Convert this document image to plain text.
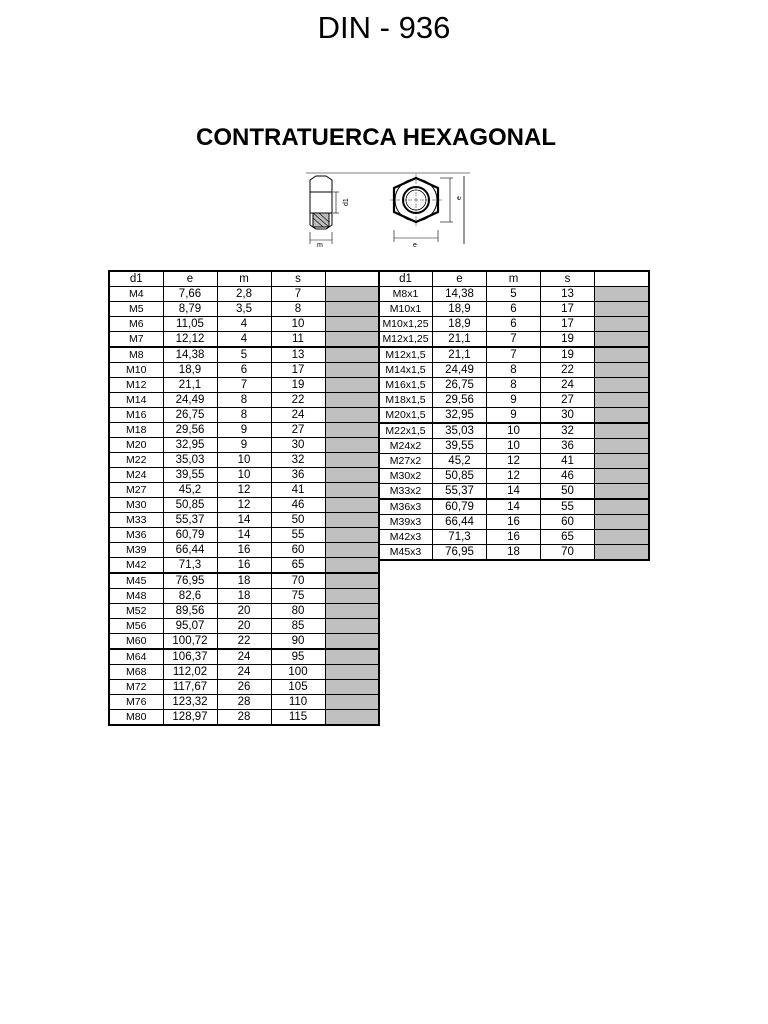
DIN - 936
CONTRATUERCA HEXAGONAL
d1
m
e
e
d1	e	m	s	
M4	7,66	2,8	7	
M5	8,79	3,5	8	
M6	11,05	4	10	
M7	12,12	4	11	
M8	14,38	5	13	
M10	18,9	6	17	
M12	21,1	7	19	
M14	24,49	8	22	
M16	26,75	8	24	
M18	29,56	9	27	
M20	32,95	9	30	
M22	35,03	10	32	
M24	39,55	10	36	
M27	45,2	12	41	
M30	50,85	12	46	
M33	55,37	14	50	
M36	60,79	14	55	
M39	66,44	16	60	
M42	71,3	16	65	
M45	76,95	18	70	
M48	82,6	18	75	
M52	89,56	20	80	
M56	95,07	20	85	
M60	100,72	22	90	
M64	106,37	24	95	
M68	112,02	24	100	
M72	117,67	26	105	
M76	123,32	28	110	
M80	128,97	28	115	
d1	e	m	s	
M8x1	14,38	5	13	
M10x1	18,9	6	17	
M10x1,25	18,9	6	17	
M12x1,25	21,1	7	19	
M12x1,5	21,1	7	19	
M14x1,5	24,49	8	22	
M16x1,5	26,75	8	24	
M18x1,5	29,56	9	27	
M20x1,5	32,95	9	30	
M22x1,5	35,03	10	32	
M24x2	39,55	10	36	
M27x2	45,2	12	41	
M30x2	50,85	12	46	
M33x2	55,37	14	50	
M36x3	60,79	14	55	
M39x3	66,44	16	60	
M42x3	71,3	16	65	
M45x3	76,95	18	70	
